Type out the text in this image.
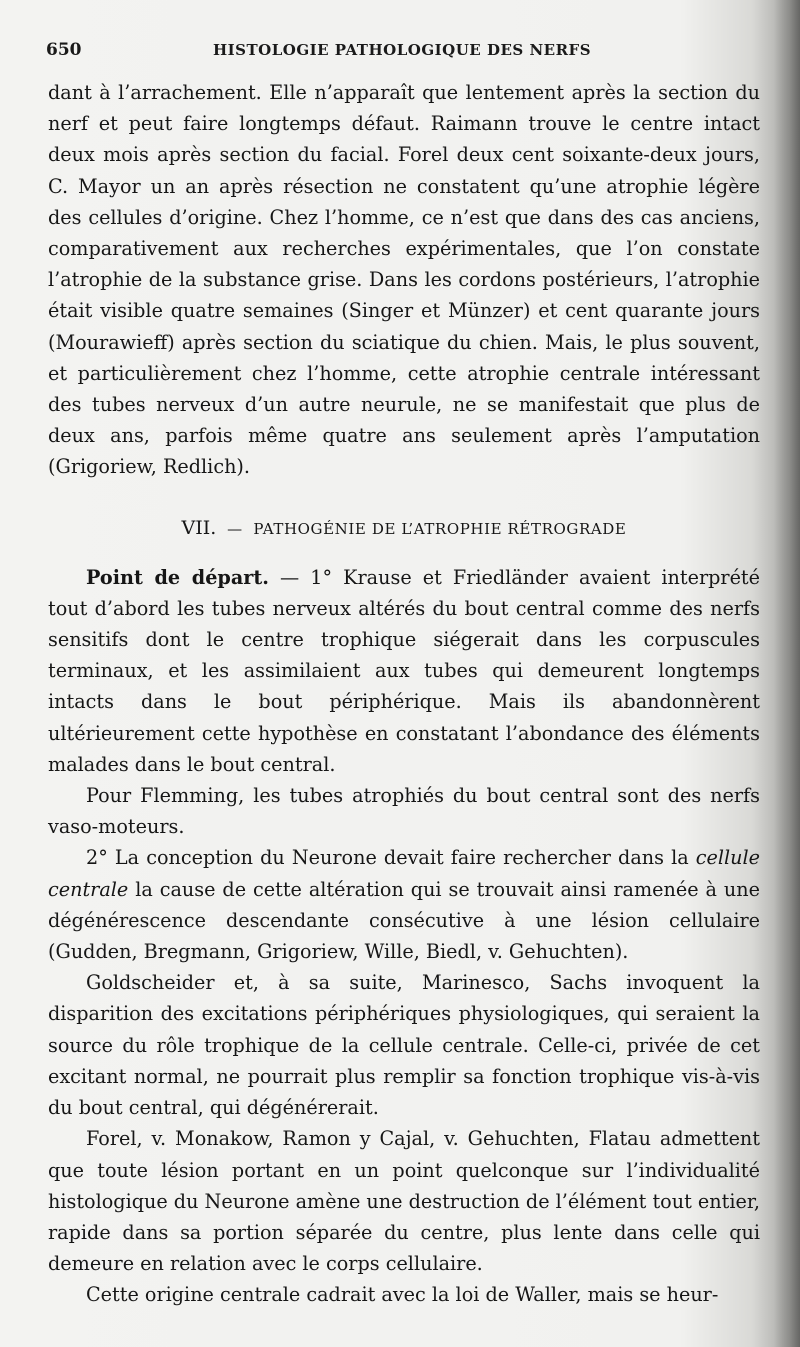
650	HISTOLOGIE PATHOLOGIQUE DES NERFS

dant à l’arrachement. Elle n’apparaît que lentement après la section du nerf et peut faire longtemps défaut. Raimann trouve le centre intact deux mois après section du facial. Forel deux cent soixante-deux jours, C. Mayor un an après résection ne constatent qu’une atrophie légère des cellules d’origine. Chez l’homme, ce n’est que dans des cas anciens, comparativement aux recherches expérimentales, que l’on constate l’atrophie de la substance grise. Dans les cordons postérieurs, l’atrophie était visible quatre semaines (Singer et Münzer) et cent quarante jours (Mourawieff) après section du sciatique du chien. Mais, le plus souvent, et particulièrement chez l’homme, cette atrophie centrale intéressant des tubes nerveux d’un autre neurule, ne se manifestait que plus de deux ans, parfois même quatre ans seulement après l’amputation (Grigoriew, Redlich).

VII. — PATHOGÉNIE DE L’ATROPHIE RÉTROGRADE

Point de départ. — 1° Krause et Friedländer avaient interprété tout d’abord les tubes nerveux altérés du bout central comme des nerfs sensitifs dont le centre trophique siégerait dans les corpuscules terminaux, et les assimilaient aux tubes qui demeurent longtemps intacts dans le bout périphérique. Mais ils abandonnèrent ultérieurement cette hypothèse en constatant l’abondance des éléments malades dans le bout central.

Pour Flemming, les tubes atrophiés du bout central sont des nerfs vaso-moteurs.

2° La conception du Neurone devait faire rechercher dans la cellule centrale la cause de cette altération qui se trouvait ainsi ramenée à une dégénérescence descendante consécutive à une lésion cellulaire (Gudden, Bregmann, Grigoriew, Wille, Biedl, v. Gehuchten).

Goldscheider et, à sa suite, Marinesco, Sachs invoquent la disparition des excitations périphériques physiologiques, qui seraient la source du rôle trophique de la cellule centrale. Celle-ci, privée de cet excitant normal, ne pourrait plus remplir sa fonction trophique vis-à-vis du bout central, qui dégénérerait.

Forel, v. Monakow, Ramon y Cajal, v. Gehuchten, Flatau admettent que toute lésion portant en un point quelconque sur l’individualité histologique du Neurone amène une destruction de l’élément tout entier, rapide dans sa portion séparée du centre, plus lente dans celle qui demeure en relation avec le corps cellulaire.

Cette origine centrale cadrait avec la loi de Waller, mais se heur-
